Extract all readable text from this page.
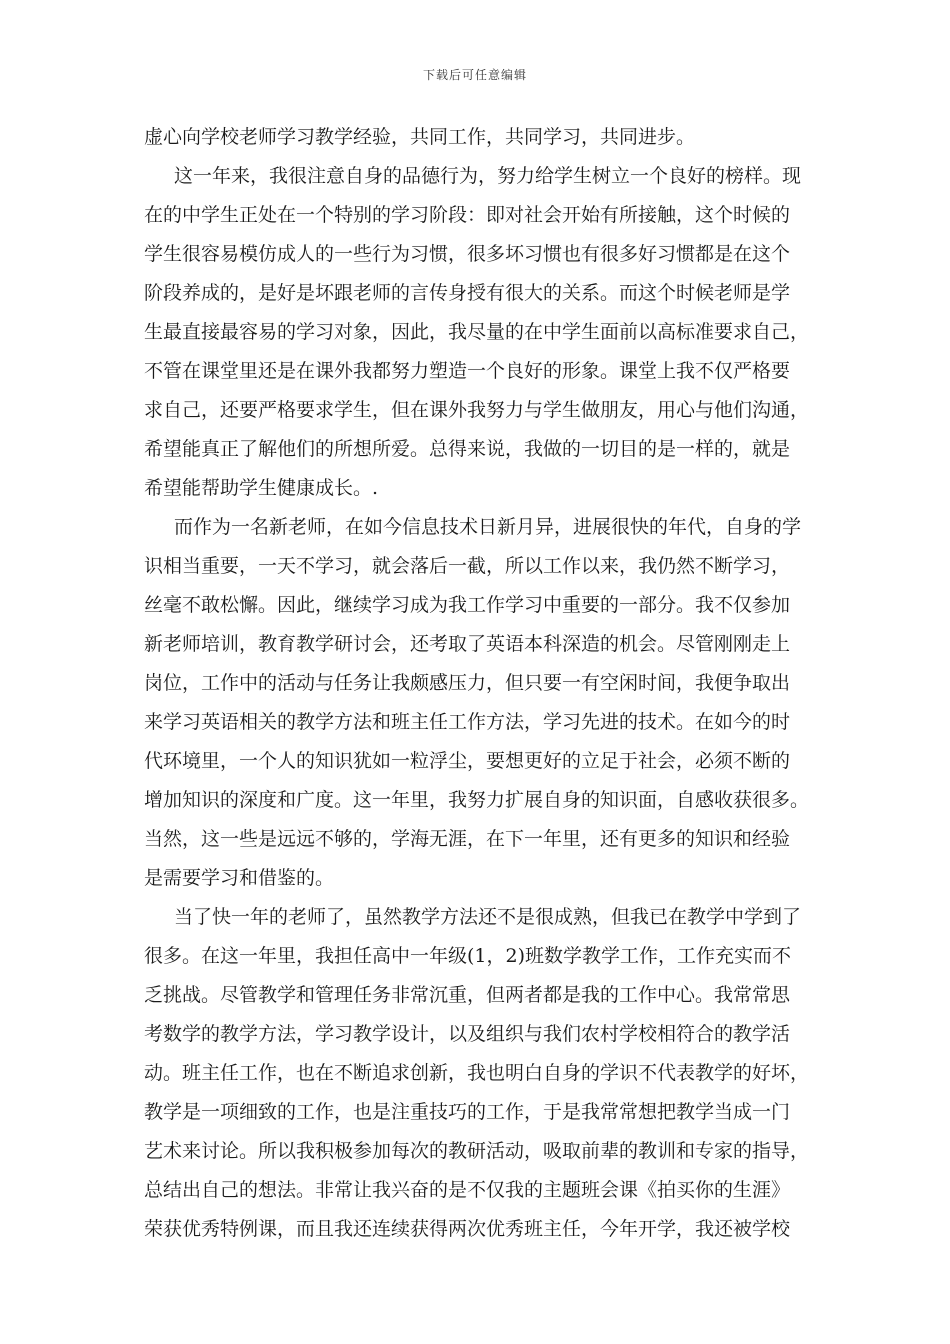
下载后可任意编辑
虚心向学校老师学习教学经验，共同工作，共同学习，共同进步。
这一年来，我很注意自身的品德行为，努力给学生树立一个良好的榜样。现
在的中学生正处在一个特别的学习阶段：即对社会开始有所接触，这个时候的
学生很容易模仿成人的一些行为习惯，很多坏习惯也有很多好习惯都是在这个
阶段养成的，是好是坏跟老师的言传身授有很大的关系。而这个时候老师是学
生最直接最容易的学习对象，因此，我尽量的在中学生面前以高标准要求自己，
不管在课堂里还是在课外我都努力塑造一个良好的形象。课堂上我不仅严格要
求自己，还要严格要求学生，但在课外我努力与学生做朋友，用心与他们沟通，
希望能真正了解他们的所想所爱。总得来说，我做的一切目的是一样的，就是
希望能帮助学生健康成长。.
而作为一名新老师，在如今信息技术日新月异，进展很快的年代，自身的学
识相当重要，一天不学习，就会落后一截，所以工作以来，我仍然不断学习，
丝毫不敢松懈。因此，继续学习成为我工作学习中重要的一部分。我不仅参加
新老师培训，教育教学研讨会，还考取了英语本科深造的机会。尽管刚刚走上
岗位，工作中的活动与任务让我颇感压力，但只要一有空闲时间，我便争取出
来学习英语相关的教学方法和班主任工作方法，学习先进的技术。在如今的时
代环境里，一个人的知识犹如一粒浮尘，要想更好的立足于社会，必须不断的
增加知识的深度和广度。这一年里，我努力扩展自身的知识面，自感收获很多。
当然，这一些是远远不够的，学海无涯，在下一年里，还有更多的知识和经验
是需要学习和借鉴的。
当了快一年的老师了，虽然教学方法还不是很成熟，但我已在教学中学到了
很多。在这一年里，我担任高中一年级(1，2)班数学教学工作，工作充实而不
乏挑战。尽管教学和管理任务非常沉重，但两者都是我的工作中心。我常常思
考数学的教学方法，学习教学设计，以及组织与我们农村学校相符合的教学活
动。班主任工作，也在不断追求创新，我也明白自身的学识不代表教学的好坏，
教学是一项细致的工作，也是注重技巧的工作，于是我常常想把教学当成一门
艺术来讨论。所以我积极参加每次的教研活动，吸取前辈的教训和专家的指导，
总结出自己的想法。非常让我兴奋的是不仅我的主题班会课《拍买你的生涯》
荣获优秀特例课，而且我还连续获得两次优秀班主任，今年开学，我还被学校
